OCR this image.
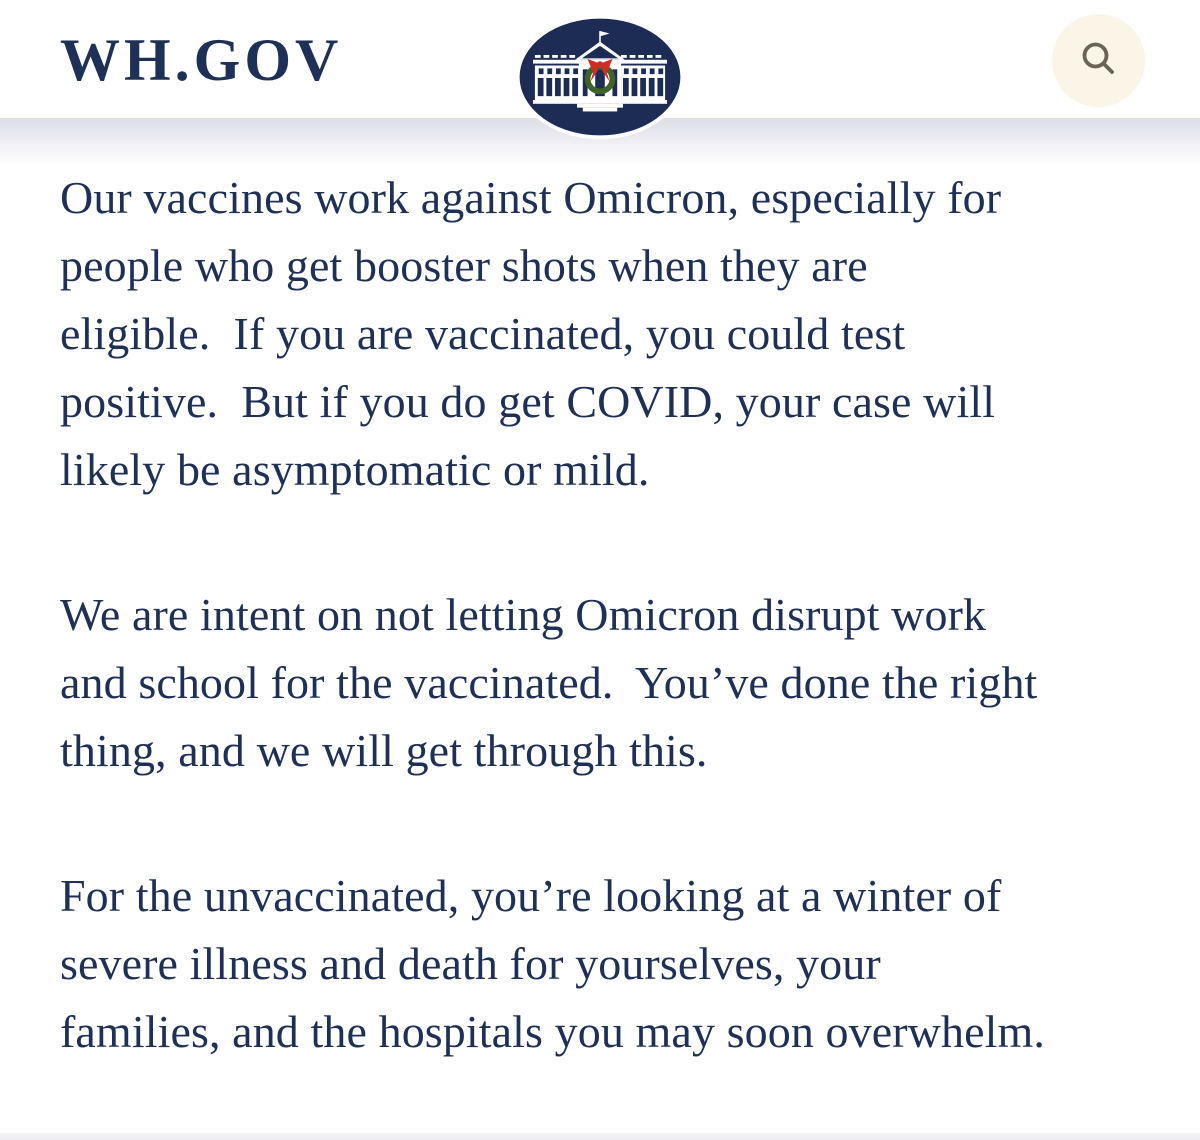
WH.GOV
Our vaccines work against Omicron, especially for
people who get booster shots when they are
eligible.  If you are vaccinated, you could test
positive.  But if you do get COVID, your case will
likely be asymptomatic or mild.
We are intent on not letting Omicron disrupt work
and school for the vaccinated.  You’ve done the right
thing, and we will get through this.
For the unvaccinated, you’re looking at a winter of
severe illness and death for yourselves, your
families, and the hospitals you may soon overwhelm.
